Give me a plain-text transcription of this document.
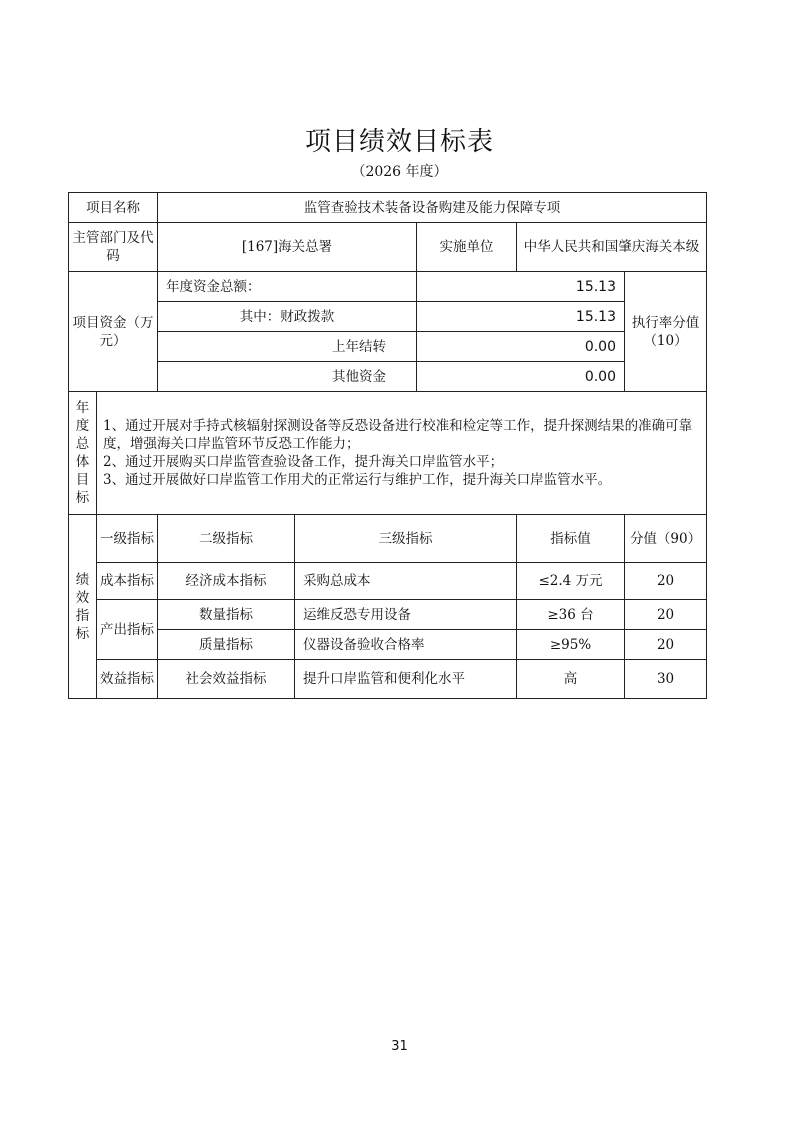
项目绩效目标表
（2026 年度）
项目名称		监管查验技术装备设备购建及能力保障专项				
主管部门及代码		[167]海关总署		实施单位	中华人民共和国肇庆海关本级	
项目资金（万元）		年度资金总额：		15.13		执行率分值（10）
		其中：财政拨款		15.13		
		上年结转		0.00		
		其他资金		0.00		
年度总体目标	1、通过开展对手持式核辐射探测设备等反恐设备进行校准和检定等工作，提升探测结果的准确可靠度，增强海关口岸监管环节反恐工作能力；
2、通过开展购买口岸监管查验设备工作，提升海关口岸监管水平；
3、通过开展做好口岸监管工作用犬的正常运行与维护工作，提升海关口岸监管水平。					

绩效指标	一级指标	二级指标	三级指标		指标值	分值（90）
	成本指标	经济成本指标	采购总成本		≤2.4 万元	20
	产出指标	数量指标	运维反恐专用设备		≥36 台	20
		质量指标	仪器设备验收合格率		≥95%	20
	效益指标	社会效益指标	提升口岸监管和便利化水平		高	30
31
